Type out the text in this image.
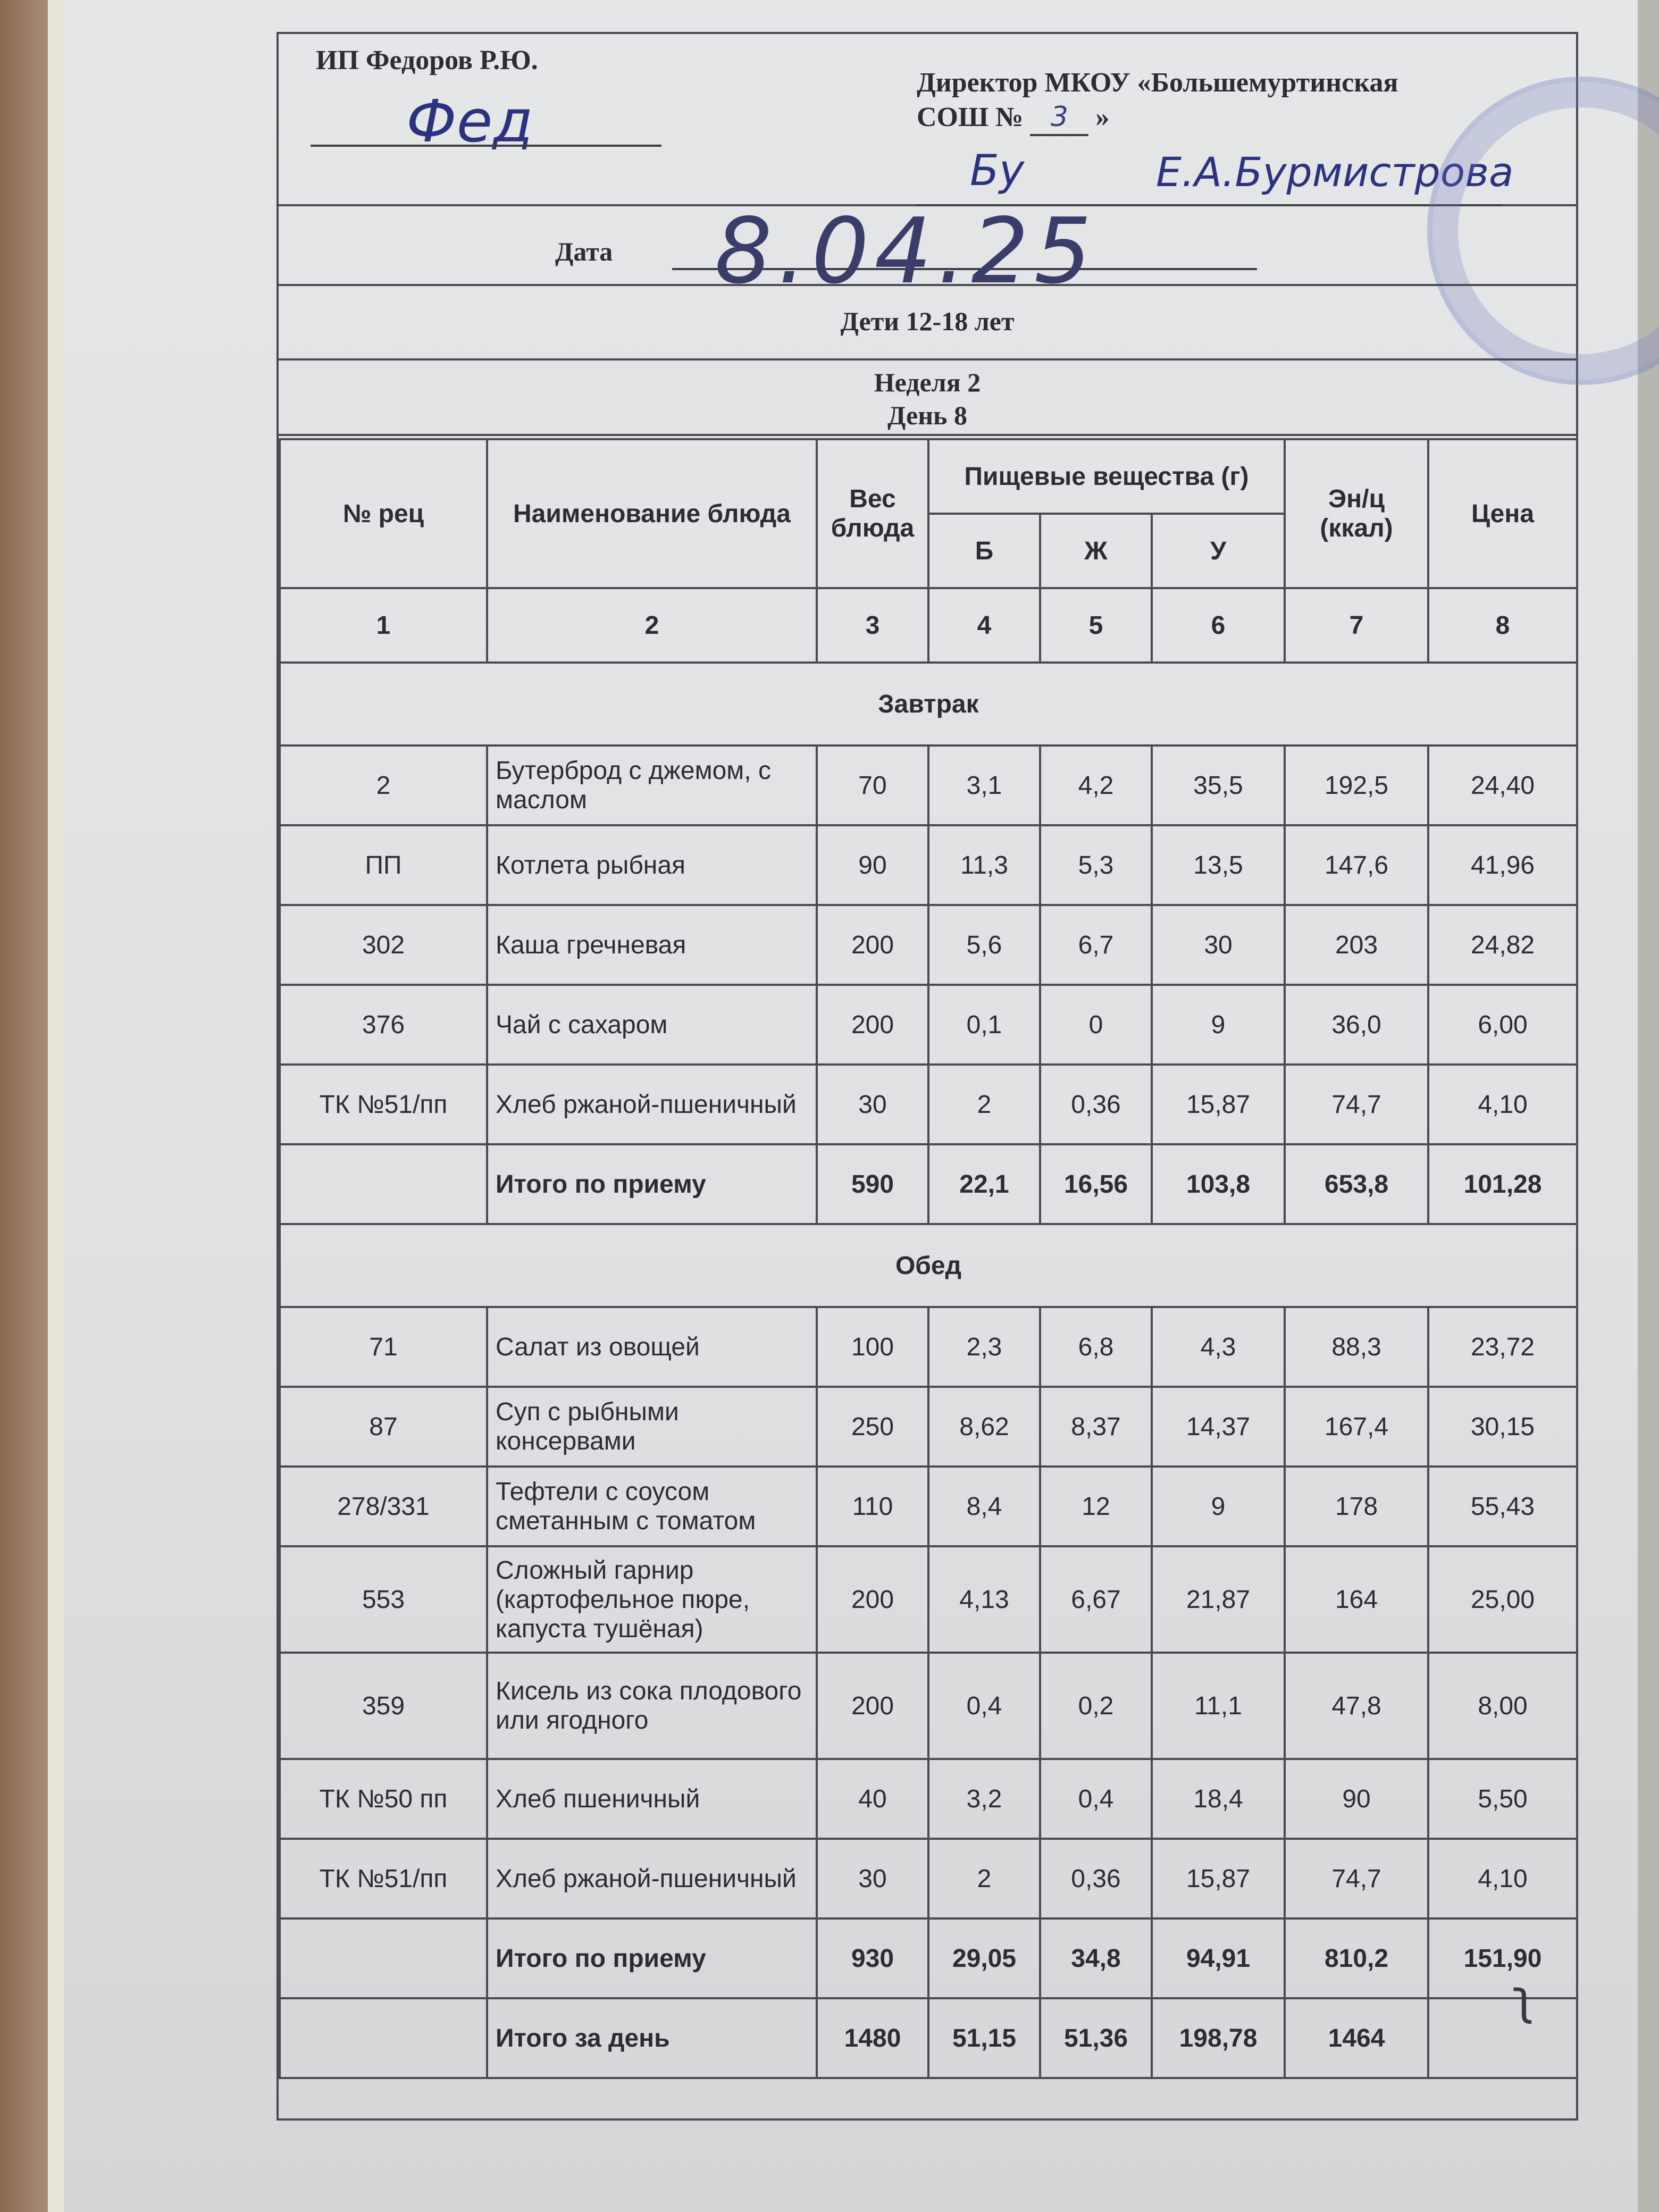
ИП Федоров Р.Ю.
Фед
Директор МКОУ «Большемуртинская
СОШ № 3 »
Бу	Е.А.Бурмистрова
Дата 8.04.25
Дети 12-18 лет
Неделя 2
День 8
№ рец	Наименование блюда	Вес блюда	Пищевые вещества (г)			Эн/ц (ккал)	Цена
			Б	Ж	У		
1	2	3	4	5	6	7	8
Завтрак							
2	Бутерброд с джемом, с маслом	70	3,1	4,2	35,5	192,5	24,40
ПП	Котлета рыбная	90	11,3	5,3	13,5	147,6	41,96
302	Каша гречневая	200	5,6	6,7	30	203	24,82
376	Чай с сахаром	200	0,1	0	9	36,0	6,00
ТК №51/пп	Хлеб ржаной-пшеничный	30	2	0,36	15,87	74,7	4,10
	Итого по приему	590	22,1	16,56	103,8	653,8	101,28
Обед							
71	Салат из овощей	100	2,3	6,8	4,3	88,3	23,72
87	Суп с рыбными консервами	250	8,62	8,37	14,37	167,4	30,15
278/331	Тефтели с соусом сметанным с томатом	110	8,4	12	9	178	55,43
553	Сложный гарнир (картофельное пюре, капуста тушёная)	200	4,13	6,67	21,87	164	25,00
359	Кисель из сока плодового или ягодного	200	0,4	0,2	11,1	47,8	8,00
ТК №50 пп	Хлеб пшеничный	40	3,2	0,4	18,4	90	5,50
ТК №51/пп	Хлеб ржаной-пшеничный	30	2	0,36	15,87	74,7	4,10
	Итого по приему	930	29,05	34,8	94,91	810,2	151,90
	Итого за день	1480	51,15	51,36	198,78	1464	
ʅ
